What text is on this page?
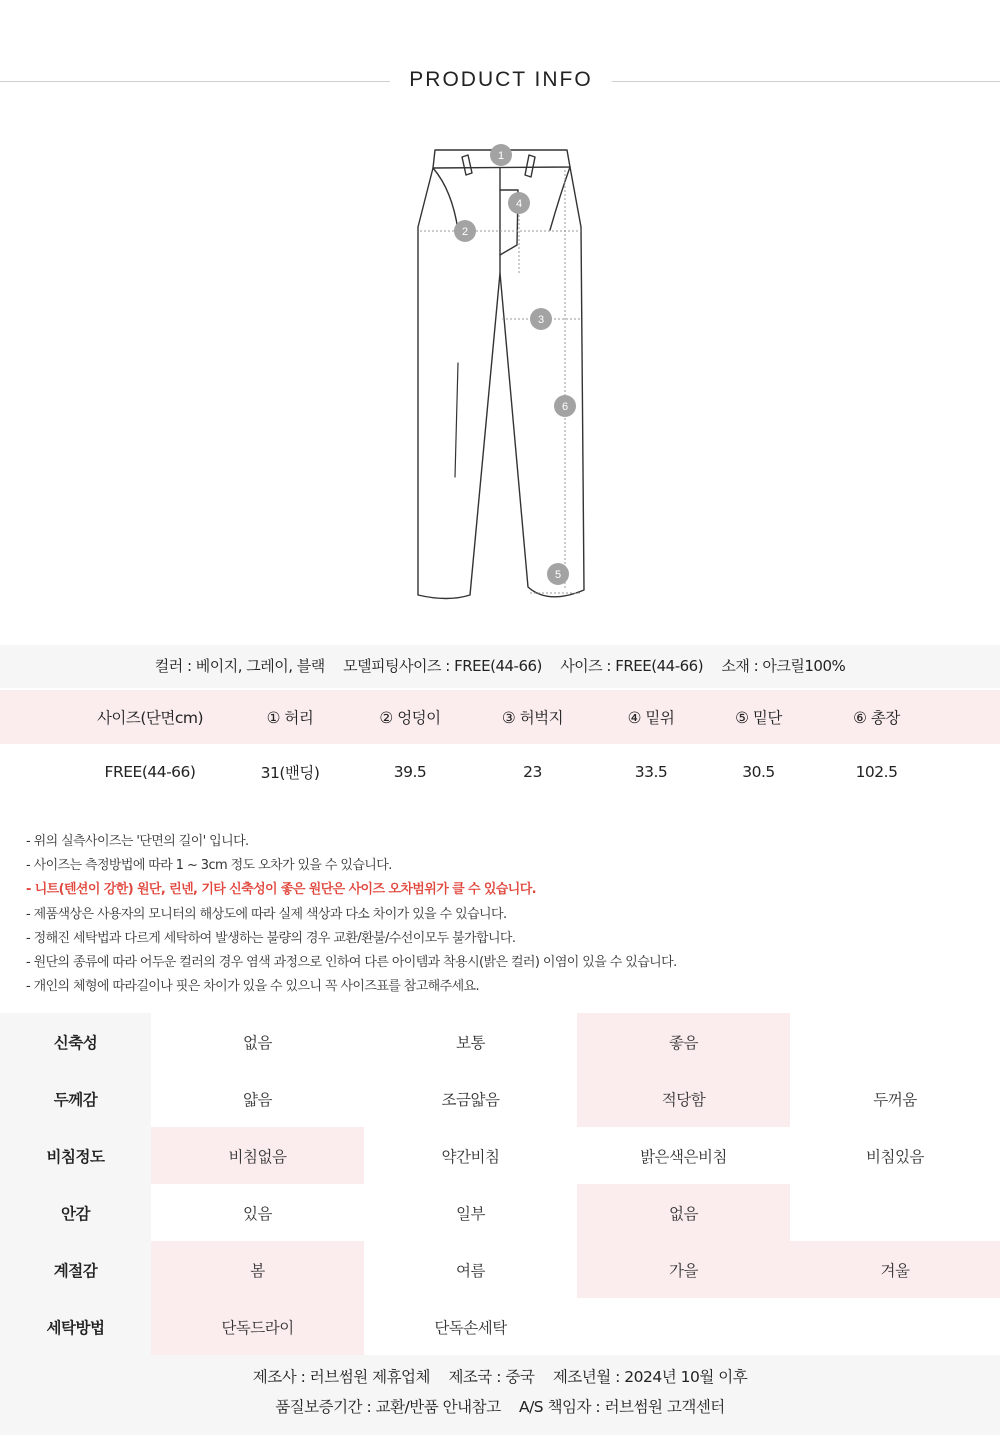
PRODUCT INFO
1
2
3
4
5
6
컬러 : 베이지, 그레이, 블랙 모델피팅사이즈 : FREE(44-66) 사이즈 : FREE(44-66) 소재 : 아크릴100%
사이즈(단면cm)	① 허리	② 엉덩이	③ 허벅지	④ 밑위	⑤ 밑단	⑥ 총장
FREE(44-66)	31(밴딩)	39.5	23	33.5	30.5	102.5
- 위의 실측사이즈는 '단면의 길이' 입니다.
- 사이즈는 측정방법에 따라 1 ~ 3cm 정도 오차가 있을 수 있습니다.
- 니트(텐션이 강한) 원단, 린넨, 기타 신축성이 좋은 원단은 사이즈 오차범위가 클 수 있습니다.
- 제품색상은 사용자의 모니터의 해상도에 따라 실제 색상과 다소 차이가 있을 수 있습니다.
- 정해진 세탁법과 다르게 세탁하여 발생하는 불량의 경우 교환/환불/수선이모두 불가합니다.
- 원단의 종류에 따라 어두운 컬러의 경우 염색 과정으로 인하여 다른 아이템과 착용시(밝은 컬러) 이염이 있을 수 있습니다.
- 개인의 체형에 따라길이나 핏은 차이가 있을 수 있으니 꼭 사이즈표를 참고해주세요.
신축성	없음	보통	좋음
두께감	얇음	조금얇음	적당함	두꺼움
비침정도	비침없음	약간비침	밝은색은비침	비침있음
안감	있음	일부	없음
계절감	봄	여름	가을	겨울
세탁방법	단독드라이	단독손세탁
제조사 : 러브썸원 제휴업체 제조국 : 중국 제조년월 : 2024년 10월 이후
품질보증기간 : 교환/반품 안내참고 A/S 책임자 : 러브썸원 고객센터
